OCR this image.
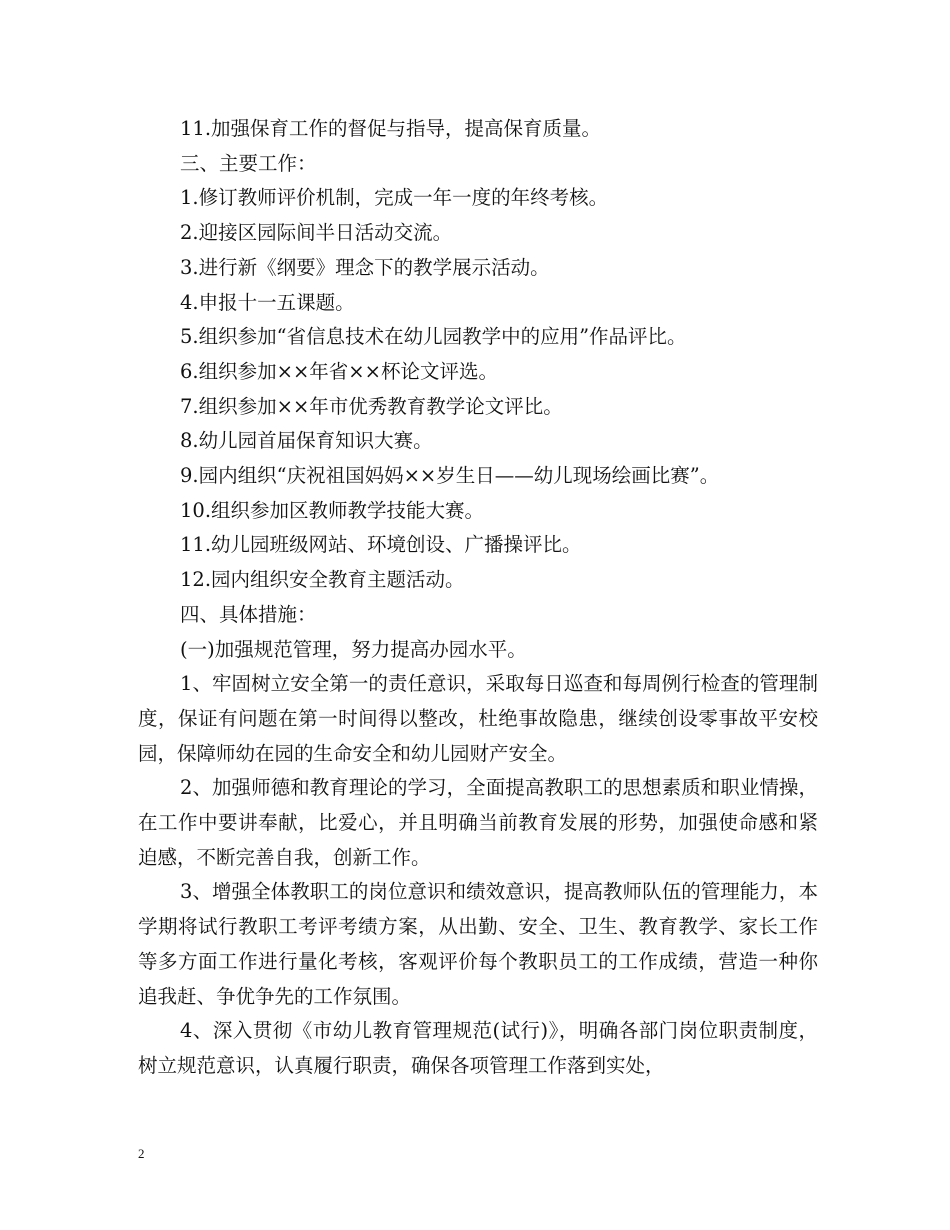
11.加强保育工作的督促与指导，提高保育质量。

三、主要工作：

1.修订教师评价机制，完成一年一度的年终考核。

2.迎接区园际间半日活动交流。

3.进行新《纲要》理念下的教学展示活动。

4.申报十一五课题。

5.组织参加“省信息技术在幼儿园教学中的应用”作品评比。

6.组织参加××年省××杯论文评选。

7.组织参加××年市优秀教育教学论文评比。

8.幼儿园首届保育知识大赛。

9.园内组织“庆祝祖国妈妈××岁生日——幼儿现场绘画比赛”。

10.组织参加区教师教学技能大赛。

11.幼儿园班级网站、环境创设、广播操评比。

12.园内组织安全教育主题活动。

四、具体措施：

(一)加强规范管理，努力提高办园水平。

1、牢固树立安全第一的责任意识，采取每日巡查和每周例行检查的管理制度，保证有问题在第一时间得以整改，杜绝事故隐患，继续创设零事故平安校园，保障师幼在园的生命安全和幼儿园财产安全。

2、加强师德和教育理论的学习，全面提高教职工的思想素质和职业情操，在工作中要讲奉献，比爱心，并且明确当前教育发展的形势，加强使命感和紧迫感，不断完善自我，创新工作。

3、增强全体教职工的岗位意识和绩效意识，提高教师队伍的管理能力，本学期将试行教职工考评考绩方案，从出勤、安全、卫生、教育教学、家长工作等多方面工作进行量化考核，客观评价每个教职员工的工作成绩，营造一种你追我赶、争优争先的工作氛围。

4、深入贯彻《市幼儿教育管理规范(试行)》，明确各部门岗位职责制度，树立规范意识，认真履行职责，确保各项管理工作落到实处，

2
